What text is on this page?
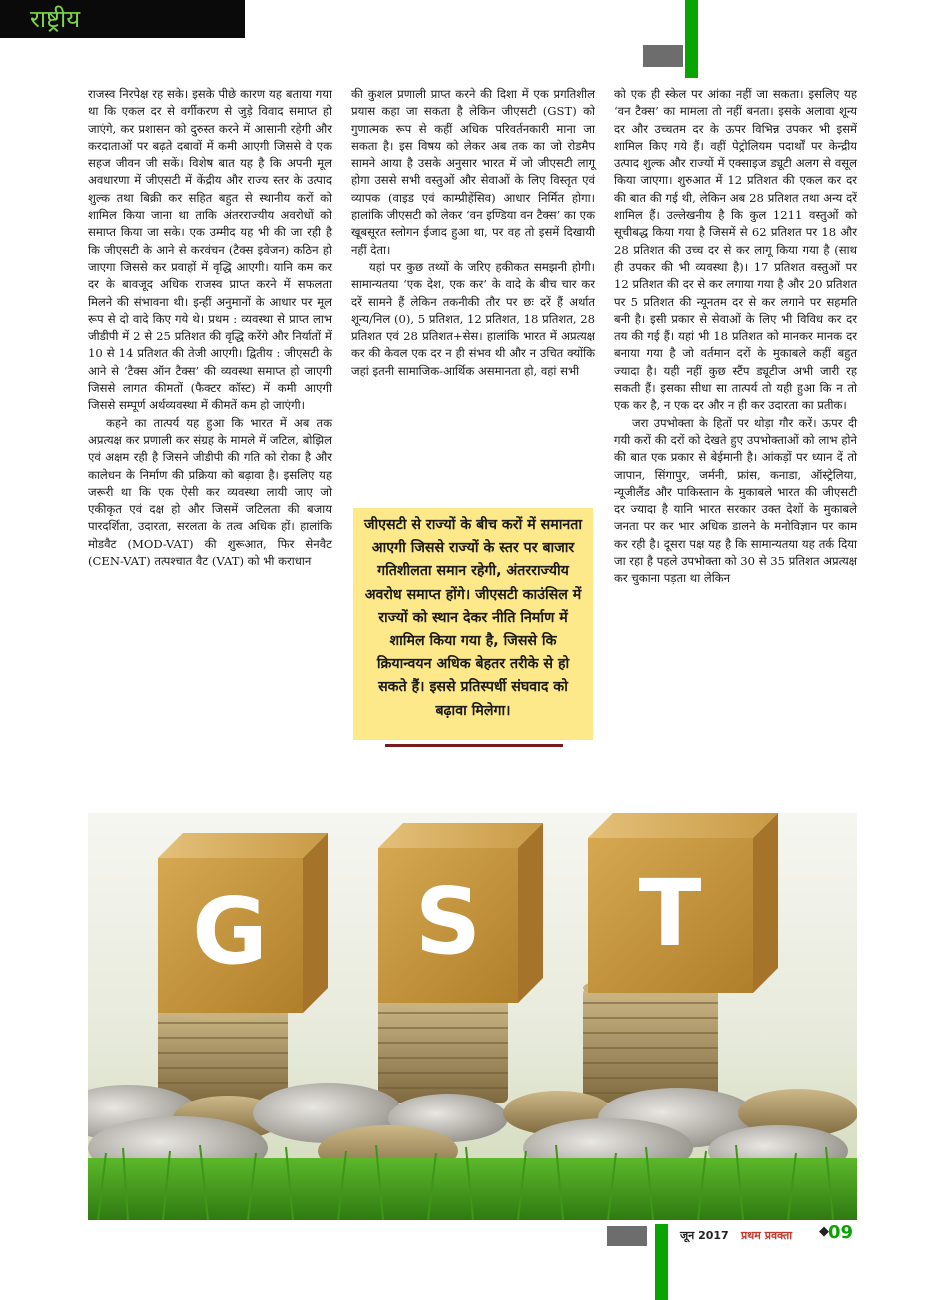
राष्ट्रीय

राजस्व निरपेक्ष रह सके। इसके पीछे कारण यह बताया गया था कि एकल दर से वर्गीकरण से जुड़े विवाद समाप्त हो जाएंगे, कर प्रशासन को दुरुस्त करने में आसानी रहेगी और करदाताओं पर बढ़ते दबावों में कमी आएगी जिससे वे एक सहज जीवन जी सकें। विशेष बात यह है कि अपनी मूल अवधारणा में जीएसटी में केंद्रीय और राज्य स्तर के उत्पाद शुल्क तथा बिक्री कर सहित बहुत से स्थानीय करों को शामिल किया जाना था ताकि अंतरराज्यीय अवरोधों को समाप्त किया जा सके। एक उम्मीद यह भी की जा रही है कि जीएसटी के आने से करवंचन (टैक्स इवेजन) कठिन हो जाएगा जिससे कर प्रवाहों में वृद्धि आएगी। यानि कम कर दर के बावजूद अधिक राजस्व प्राप्त करने में सफलता मिलने की संभावना थी। इन्हीं अनुमानों के आधार पर मूल रूप से दो वादे किए गये थे। प्रथम : व्यवस्था से प्राप्त लाभ जीडीपी में 2 से 25 प्रतिशत की वृद्धि करेंगे और निर्यातों में 10 से 14 प्रतिशत की तेजी आएगी। द्वितीय : जीएसटी के आने से ‘टैक्स ऑन टैक्स’ की व्यवस्था समाप्त हो जाएगी जिससे लागत कीमतों (फैक्टर कॉस्ट) में कमी आएगी जिससे सम्पूर्ण अर्थव्यवस्था में कीमतें कम हो जाएंगी।

कहने का तात्पर्य यह हुआ कि भारत में अब तक अप्रत्यक्ष कर प्रणाली कर संग्रह के मामले में जटिल, बोझिल एवं अक्षम रही है जिसने जीडीपी की गति को रोका है और कालेधन के निर्माण की प्रक्रिया को बढ़ावा है। इसलिए यह जरूरी था कि एक ऐसी कर व्यवस्था लायी जाए जो एकीकृत एवं दक्ष हो और जिसमें जटिलता की बजाय पारदर्शिता, उदारता, सरलता के तत्व अधिक हों। हालांकि मोडवैट (MOD-VAT) की शुरूआत, फिर सेनवैट (CEN-VAT) तत्पश्चात वैट (VAT) को भी कराधान

की कुशल प्रणाली प्राप्त करने की दिशा में एक प्रगतिशील प्रयास कहा जा सकता है लेकिन जीएसटी (GST) को गुणात्मक रूप से कहीं अधिक परिवर्तनकारी माना जा सकता है। इस विषय को लेकर अब तक का जो रोडमैप सामने आया है उसके अनुसार भारत में जो जीएसटी लागू होगा उससे सभी वस्तुओं और सेवाओं के लिए विस्तृत एवं व्यापक (वाइड एवं काम्प्रीहेंसिव) आधार निर्मित होगा। हालांकि जीएसटी को लेकर ‘वन इण्डिया वन टैक्स’ का एक खूबसूरत स्लोगन ईजाद हुआ था, पर वह तो इसमें दिखायी नहीं देता।

यहां पर कुछ तथ्यों के जरिए हकीकत समझनी होगी। सामान्यतया ‘एक देश, एक कर’ के वादे के बीच चार कर दरें सामने हैं लेकिन तकनीकी तौर पर छः दरें हैं अर्थात शून्य/निल (0), 5 प्रतिशत, 12 प्रतिशत, 18 प्रतिशत, 28 प्रतिशत एवं 28 प्रतिशत+सेस। हालांकि भारत में अप्रत्यक्ष कर की केवल एक दर न ही संभव थी और न उचित क्योंकि जहां इतनी सामाजिक-आर्थिक असमानता हो, वहां सभी

को एक ही स्केल पर आंका नहीं जा सकता। इसलिए यह ‘वन टैक्स’ का मामला तो नहीं बनता। इसके अलावा शून्य दर और उच्चतम दर के ऊपर विभिन्न उपकर भी इसमें शामिल किए गये हैं। वहीं पेट्रोलियम पदार्थों पर केन्द्रीय उत्पाद शुल्क और राज्यों में एक्साइज ड्यूटी अलग से वसूल किया जाएगा। शुरुआत में 12 प्रतिशत की एकल कर दर की बात की गई थी, लेकिन अब 28 प्रतिशत तथा अन्य दरें शामिल हैं। उल्लेखनीय है कि कुल 1211 वस्तुओं को सूचीबद्ध किया गया है जिसमें से 62 प्रतिशत पर 18 और 28 प्रतिशत की उच्च दर से कर लागू किया गया है (साथ ही उपकर की भी व्यवस्था है)। 17 प्रतिशत वस्तुओं पर 12 प्रतिशत की दर से कर लगाया गया है और 20 प्रतिशत पर 5 प्रतिशत की न्यूनतम दर से कर लगाने पर सहमति बनी है। इसी प्रकार से सेवाओं के लिए भी विविध कर दर तय की गई हैं। यहां भी 18 प्रतिशत को मानकर मानक दर बनाया गया है जो वर्तमान दरों के मुकाबले कहीं बहुत ज्यादा है। यही नहीं कुछ स्टैंप ड्यूटीज अभी जारी रह सकती हैं। इसका सीधा सा तात्पर्य तो यही हुआ कि न तो एक कर है, न एक दर और न ही कर उदारता का प्रतीक।

जरा उपभोक्ता के हितों पर थोड़ा गौर करें। ऊपर दी गयी करों की दरों को देखते हुए उपभोक्ताओं को लाभ होने की बात एक प्रकार से बेईमानी है। आंकड़ों पर ध्यान दें तो जापान, सिंगापुर, जर्मनी, फ्रांस, कनाडा, ऑस्ट्रेलिया, न्यूजीलैंड और पाकिस्तान के मुकाबले भारत की जीएसटी दर ज्यादा है यानि भारत सरकार उक्त देशों के मुकाबले जनता पर कर भार अधिक डालने के मनोविज्ञान पर काम कर रही है। दूसरा पक्ष यह है कि सामान्यतया यह तर्क दिया जा रहा है पहले उपभोक्ता को 30 से 35 प्रतिशत अप्रत्यक्ष कर चुकाना पड़ता था लेकिन

जीएसटी से राज्यों के बीच करों में समानता आएगी जिससे राज्यों के स्तर पर बाजार गतिशीलता समान रहेगी, अंतरराज्यीय अवरोध समाप्त होंगे। जीएसटी काउंसिल में राज्यों को स्थान देकर नीति निर्माण में शामिल किया गया है, जिससे कि क्रियान्वयन अधिक बेहतर तरीके से हो सकते हैं। इससे प्रतिस्पर्धी संघवाद को बढ़ावा मिलेगा।
G S T
जून 2017 प्रथम प्रवक्ता ◆ 09
